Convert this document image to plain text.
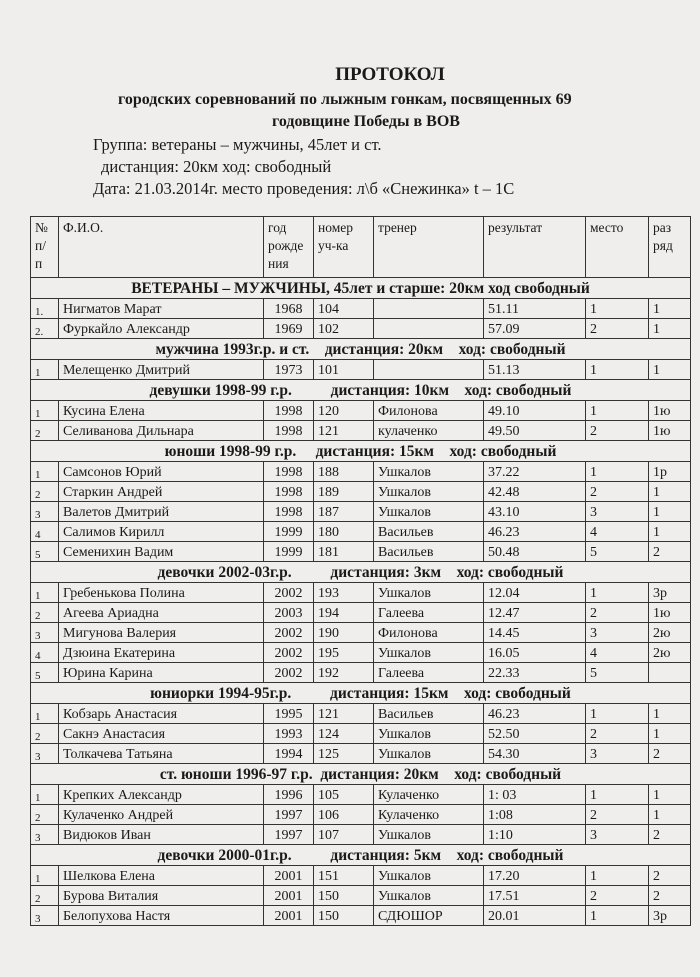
ПРОТОКОЛ
городских соревнований по лыжным гонкам, посвященных 69
годовщине Победы в ВОВ
Группа: ветераны – мужчины, 45лет и ст.
дистанция: 20км ход: свободный
Дата: 21.03.2014г. место проведения: л\б «Снежинка» t – 1С
№ п/ п	Ф.И.О.	год рожде ния	номер уч-ка	тренер	результат	место	раз ряд
ВЕТЕРАНЫ – МУЖЧИНЫ, 45лет и старше: 20км ход свободный							
1.	Нигматов Марат	1968	104		51.11	1	1
2.	Фуркайло Александр	1969	102		57.09	2	1
мужчина 1993г.р. и ст.    дистанция: 20км    ход: свободный							
1	Мелещенко Дмитрий	1973	101		51.13	1	1
девушки 1998-99 г.р.          дистанция: 10км    ход: свободный							
1	Кусина Елена	1998	120	Филонова	49.10	1	1ю
2	Селиванова Дильнара	1998	121	кулаченко	49.50	2	1ю
юноши 1998-99 г.р.     дистанция: 15км    ход: свободный							
1	Самсонов Юрий	1998	188	Ушкалов	37.22	1	1р
2	Старкин Андрей	1998	189	Ушкалов	42.48	2	1
3	Валетов Дмитрий	1998	187	Ушкалов	43.10	3	1
4	Салимов Кирилл	1999	180	Васильев	46.23	4	1
5	Семенихин Вадим	1999	181	Васильев	50.48	5	2
девочки 2002-03г.р.          дистанция: 3км    ход: свободный							
1	Гребенькова Полина	2002	193	Ушкалов	12.04	1	3р
2	Агеева Ариадна	2003	194	Галеева	12.47	2	1ю
3	Мигунова Валерия	2002	190	Филонова	14.45	3	2ю
4	Дзюина Екатерина	2002	195	Ушкалов	16.05	4	2ю
5	Юрина Карина	2002	192	Галеева	22.33	5	
юниорки 1994-95г.р.          дистанция: 15км    ход: свободный							
1	Кобзарь Анастасия	1995	121	Васильев	46.23	1	1
2	Сакнэ Анастасия	1993	124	Ушкалов	52.50	2	1
3	Толкачева Татьяна	1994	125	Ушкалов	54.30	3	2
ст. юноши 1996-97 г.р.  дистанция: 20км    ход: свободный							
1	Крепких Александр	1996	105	Кулаченко	1: 03	1	1
2	Кулаченко Андрей	1997	106	Кулаченко	1:08	2	1
3	Видюков Иван	1997	107	Ушкалов	1:10	3	2
девочки 2000-01г.р.          дистанция: 5км    ход: свободный							
1	Шелкова Елена	2001	151	Ушкалов	17.20	1	2
2	Бурова Виталия	2001	150	Ушкалов	17.51	2	2
3	Белопухова Настя	2001	150	СДЮШОР	20.01	1	3р
